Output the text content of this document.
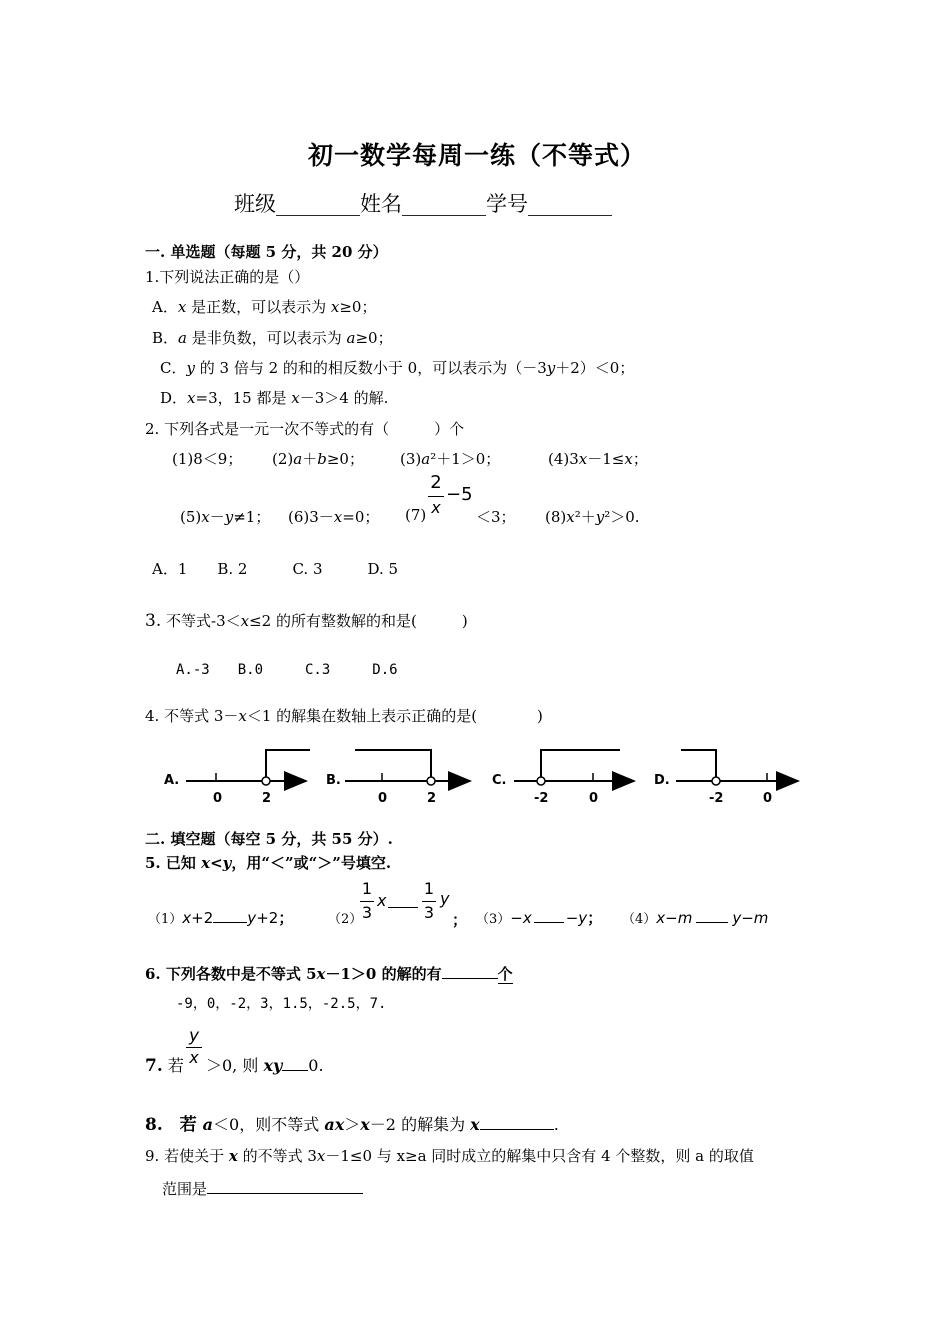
初一数学每周一练（不等式）
班级________姓名________学号________
一. 单选题（每题 5 分，共 20 分）
1.下列说法正确的是（）
A．x 是正数，可以表示为 x≥0；
B．a 是非负数，可以表示为 a≥0；
C．y 的 3 倍与 2 的和的相反数小于 0，可以表示为（－3y＋2）＜0；
D．x=3，15 都是 x－3＞4 的解.
2. 下列各式是一元一次不等式的有（　　　）个
(1)8＜9； (2)a＋b≥0； (3)a²＋1＞0；	(4)3x－1≤x；
(5)x－y≠1； (6)3－x=0； (7)
2
x
−5
＜3； (8)x²＋y²＞0.
A．1　　B. 2　　　C. 3　　　D. 5
3. 不等式-3＜x≤2 的所有整数解的和是(　　　)
A.-3　　B.0　　　C.3　　　D.6
4. 不等式 3－x＜1 的解集在数轴上表示正确的是(　　　　)
A.
0	2
B.
0	2
C.
-2	0
D.
-2	0
二. 填空题（每空 5 分，共 55 分）.
5. 已知 x<y，用“＜”或“＞”号填空.
（1）x+2 y+2；	（2）
1
3
x
1
3
y
； （3）−x −y； （4）x−m	y−m
6. 下列各数中是不等式 5x－1＞0 的解的有	个
-9，0，-2，3，1.5，-2.5，7.
y
x
7. 若 ＞0, 则 xy 0.
8.　若 a＜0，则不等式 ax＞x－2 的解集为 x	.
9. 若使关于 x 的不等式 3x－1≤0 与 x≥a 同时成立的解集中只含有 4 个整数，则 a 的取值
范围是
